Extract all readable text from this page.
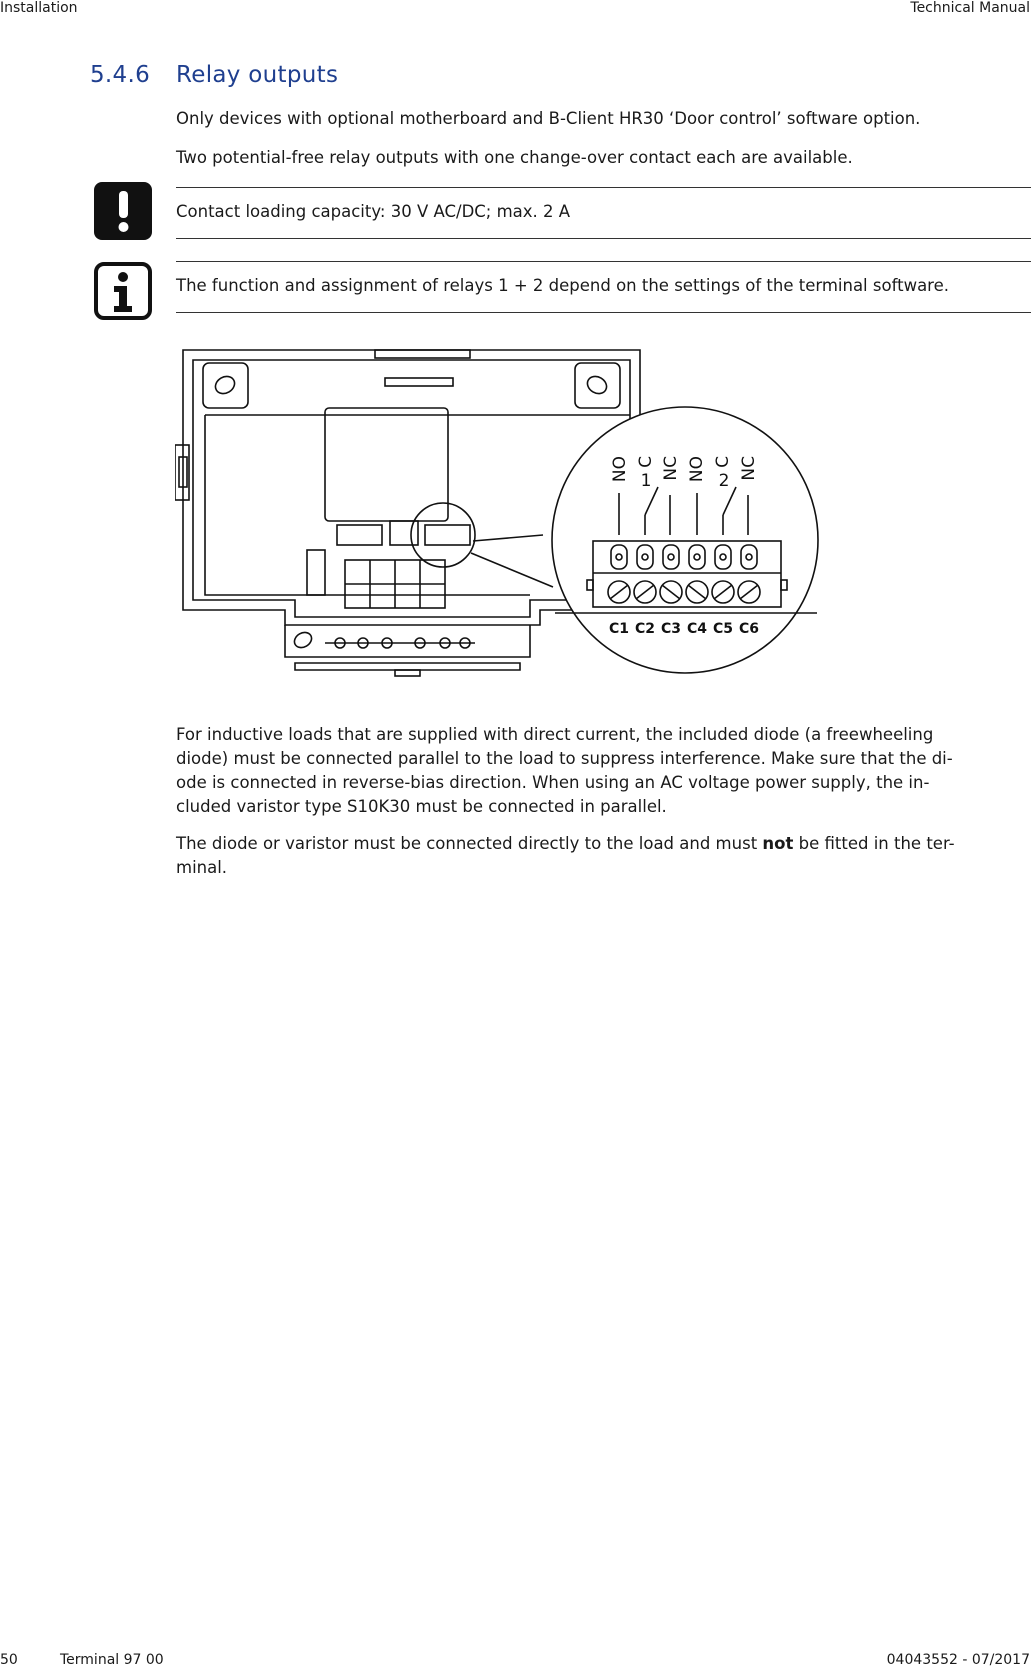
Installation	Technical Manual
5.4.6 Relay outputs
Only devices with optional motherboard and B-Client HR30 ‘Door control’ software option.
Two potential-free relay outputs with one change-over contact each are available.
Contact loading capacity: 30 V AC/DC; max. 2 A
The function and assignment of relays 1 + 2 depend on the settings of the terminal software.
NO C NC NO C NC
1	2
C1 C2 C3 C4 C5 C6
For inductive loads that are supplied with direct current, the included diode (a freewheeling
diode) must be connected parallel to the load to suppress interference. Make sure that the di-
ode is connected in reverse-bias direction. When using an AC voltage power supply, the in-
cluded varistor type S10K30 must be connected in parallel.
The diode or varistor must be connected directly to the load and must not be fitted in the ter-
minal.
50	Terminal 97 00	04043552 - 07/2017
